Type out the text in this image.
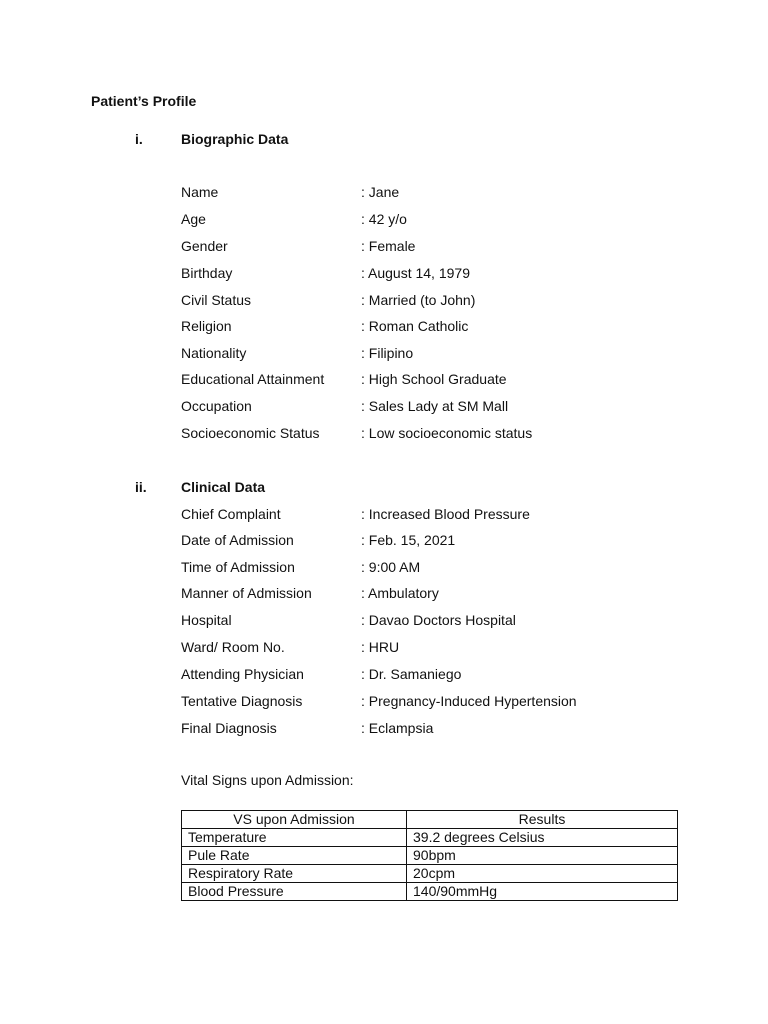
Patient’s Profile
i.	Biographic Data
Name	: Jane
Age	: 42 y/o
Gender	: Female
Birthday	: August 14, 1979
Civil Status	: Married (to John)
Religion	: Roman Catholic
Nationality	: Filipino
Educational Attainment	: High School Graduate
Occupation	: Sales Lady at SM Mall
Socioeconomic Status	: Low socioeconomic status
ii. Clinical Data
Chief Complaint	: Increased Blood Pressure
Date of Admission	: Feb. 15, 2021
Time of Admission	: 9:00 AM
Manner of Admission	: Ambulatory
Hospital	: Davao Doctors Hospital
Ward/ Room No.	: HRU
Attending Physician	: Dr. Samaniego
Tentative Diagnosis	: Pregnancy-Induced Hypertension
Final Diagnosis	: Eclampsia
Vital Signs upon Admission:
VS upon Admission	Results
Temperature	39.2 degrees Celsius
Pule Rate	90bpm
Respiratory Rate	20cpm
Blood Pressure	140/90mmHg
